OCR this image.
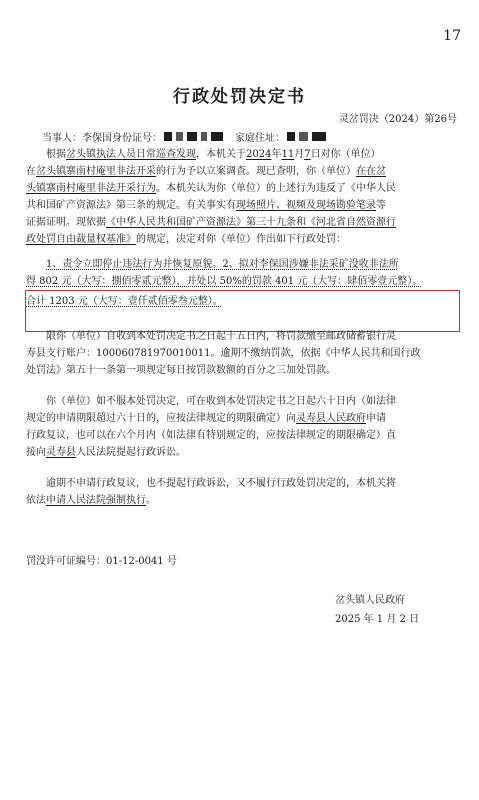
17
行政处罚决定书
灵岔罚决（2024）第26号
当事人：李保国身份证号：	家庭住址：
根据岔头镇执法人员日常巡查发现，本机关于2024年11月7日对你（单位）
在岔头镇寨南村庵里非法开采的行为予以立案调查。现已查明，你（单位）在在岔
头镇寨南村庵里非法开采行为。本机关认为你（单位）的上述行为违反了《中华人民
共和国矿产资源法》第三条的规定。有关事实有现场照片、视频及现场勘验笔录等
证据证明。现依据《中华人民共和国矿产资源法》第三十九条和《河北省自然资源行
政处罚自由裁量权基准》的规定，决定对你（单位）作出如下行政处罚：
1、责令立即停止违法行为并恢复原貌。2、拟对李保国涉嫌非法采矿没收非法所
得 802 元（大写：捌佰零贰元整），并处以 50%的罚款 401 元（大写：肆佰零壹元整）。
合计 1203 元（大写：壹仟贰佰零叁元整）。
限你（单位）自收到本处罚决定书之日起十五日内，将罚款缴至邮政储蓄银行灵
寿县支行账户：100060781970010011。逾期不缴纳罚款，依据《中华人民共和国行政
处罚法》第五十一条第一项规定每日按罚款数额的百分之三加处罚款。
你（单位）如不服本处罚决定，可在收到本处罚决定书之日起六十日内（如法律
规定的申请期限超过六十日的，应按法律规定的期限确定）向灵寿县人民政府申请
行政复议，也可以在六个月内（如法律有特别规定的，应按法律规定的期限确定）直
接向灵寿县人民法院提起行政诉讼。
逾期不申请行政复议，也不提起行政诉讼，又不履行行政处罚决定的，本机关将
依法申请人民法院强制执行。
罚没许可证编号：01-12-0041 号
岔头镇人民政府
2025 年 1 月 2 日
